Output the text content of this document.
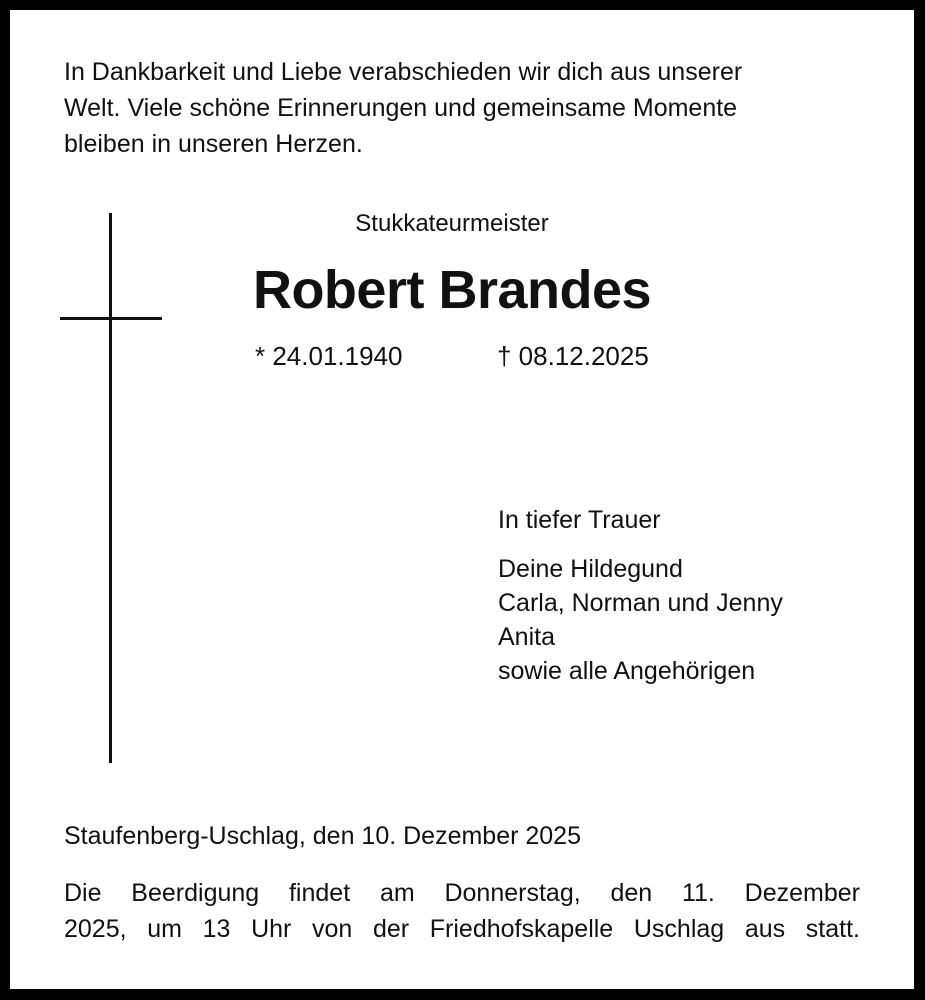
In Dankbarkeit und Liebe verabschieden wir dich aus unserer
Welt. Viele schöne Erinnerungen und gemeinsame Momente
bleiben in unseren Herzen.
Stukkateurmeister
Robert Brandes
* 24.01.1940	† 08.12.2025
In tiefer Trauer
Deine Hildegund
Carla, Norman und Jenny
Anita
sowie alle Angehörigen
Staufenberg-Uschlag, den 10. Dezember 2025
Die Beerdigung findet am Donnerstag, den 11. Dezember
2025, um 13 Uhr von der Friedhofskapelle Uschlag aus statt.
